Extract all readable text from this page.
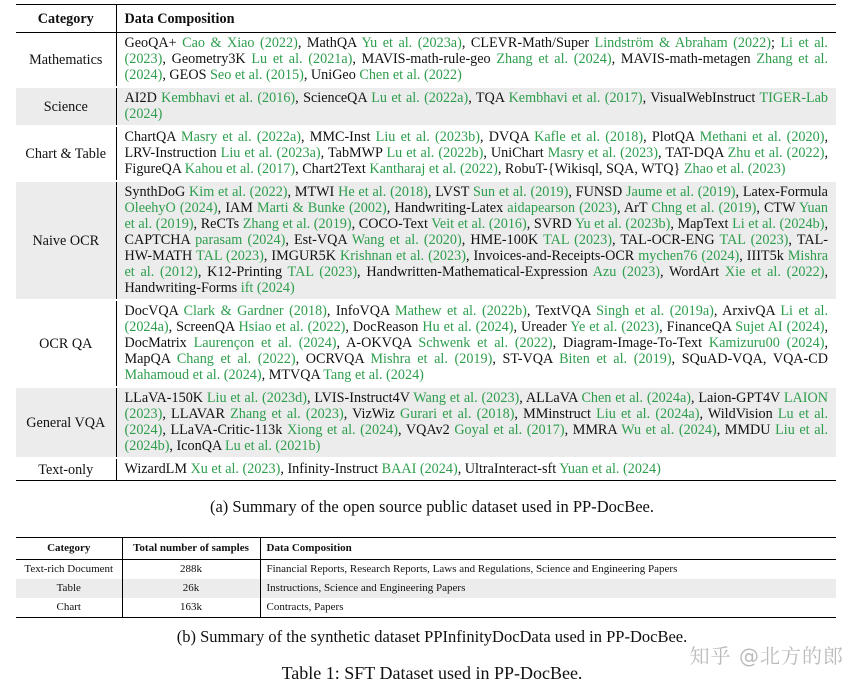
Category	Data Composition
Mathematics	GeoQA+ Cao & Xiao (2022), MathQA Yu et al. (2023a), CLEVR-Math/Super Lindström & Abraham (2022); Li et al. (2023), Geometry3K Lu et al. (2021a), MAVIS-math-rule-geo Zhang et al. (2024), MAVIS-math-metagen Zhang et al. (2024), GEOS Seo et al. (2015), UniGeo Chen et al. (2022)
Science	AI2D Kembhavi et al. (2016), ScienceQA Lu et al. (2022a), TQA Kembhavi et al. (2017), VisualWebInstruct TIGER-Lab (2024)
Chart & Table	ChartQA Masry et al. (2022a), MMC-Inst Liu et al. (2023b), DVQA Kafle et al. (2018), PlotQA Methani et al. (2020), LRV-Instruction Liu et al. (2023a), TabMWP Lu et al. (2022b), UniChart Masry et al. (2023), TAT-DQA Zhu et al. (2022), FigureQA Kahou et al. (2017), Chart2Text Kantharaj et al. (2022), RobuT-{Wikisql, SQA, WTQ} Zhao et al. (2023)
Naive OCR	SynthDoG Kim et al. (2022), MTWI He et al. (2018), LVST Sun et al. (2019), FUNSD Jaume et al. (2019), Latex-Formula OleehyO (2024), IAM Marti & Bunke (2002), Handwriting-Latex aidapearson (2023), ArT Chng et al. (2019), CTW Yuan et al. (2019), ReCTs Zhang et al. (2019), COCO-Text Veit et al. (2016), SVRD Yu et al. (2023b), MapText Li et al. (2024b), CAPTCHA parasam (2024), Est-VQA Wang et al. (2020), HME-100K TAL (2023), TAL-OCR-ENG TAL (2023), TAL-HW-MATH TAL (2023), IMGUR5K Krishnan et al. (2023), Invoices-and-Receipts-OCR mychen76 (2024), IIIT5k Mishra et al. (2012), K12-Printing TAL (2023), Handwritten-Mathematical-Expression Azu (2023), WordArt Xie et al. (2022), Handwriting-Forms ift (2024)
OCR QA	DocVQA Clark & Gardner (2018), InfoVQA Mathew et al. (2022b), TextVQA Singh et al. (2019a), ArxivQA Li et al. (2024a), ScreenQA Hsiao et al. (2022), DocReason Hu et al. (2024), Ureader Ye et al. (2023), FinanceQA Sujet AI (2024), DocMatrix Laurençon et al. (2024), A-OKVQA Schwenk et al. (2022), Diagram-Image-To-Text Kamizuru00 (2024), MapQA Chang et al. (2022), OCRVQA Mishra et al. (2019), ST-VQA Biten et al. (2019), SQuAD-VQA, VQA-CD Mahamoud et al. (2024), MTVQA Tang et al. (2024)
General VQA	LLaVA-150K Liu et al. (2023d), LVIS-Instruct4V Wang et al. (2023), ALLaVA Chen et al. (2024a), Laion-GPT4V LAION (2023), LLAVAR Zhang et al. (2023), VizWiz Gurari et al. (2018), MMinstruct Liu et al. (2024a), WildVision Lu et al. (2024), LLaVA-Critic-113k Xiong et al. (2024), VQAv2 Goyal et al. (2017), MMRA Wu et al. (2024), MMDU Liu et al. (2024b), IconQA Lu et al. (2021b)
Text-only	WizardLM Xu et al. (2023), Infinity-Instruct BAAI (2024), UltraInteract-sft Yuan et al. (2024)
(a) Summary of the open source public dataset used in PP-DocBee.
Category	Total number of samples	Data Composition
Text-rich Document	288k	Financial Reports, Research Reports, Laws and Regulations, Science and Engineering Papers
Table	26k	Instructions, Science and Engineering Papers
Chart	163k	Contracts, Papers
(b) Summary of the synthetic dataset PPInfinityDocData used in PP-DocBee.
Table 1: SFT Dataset used in PP-DocBee.
知乎 @北方的郎
